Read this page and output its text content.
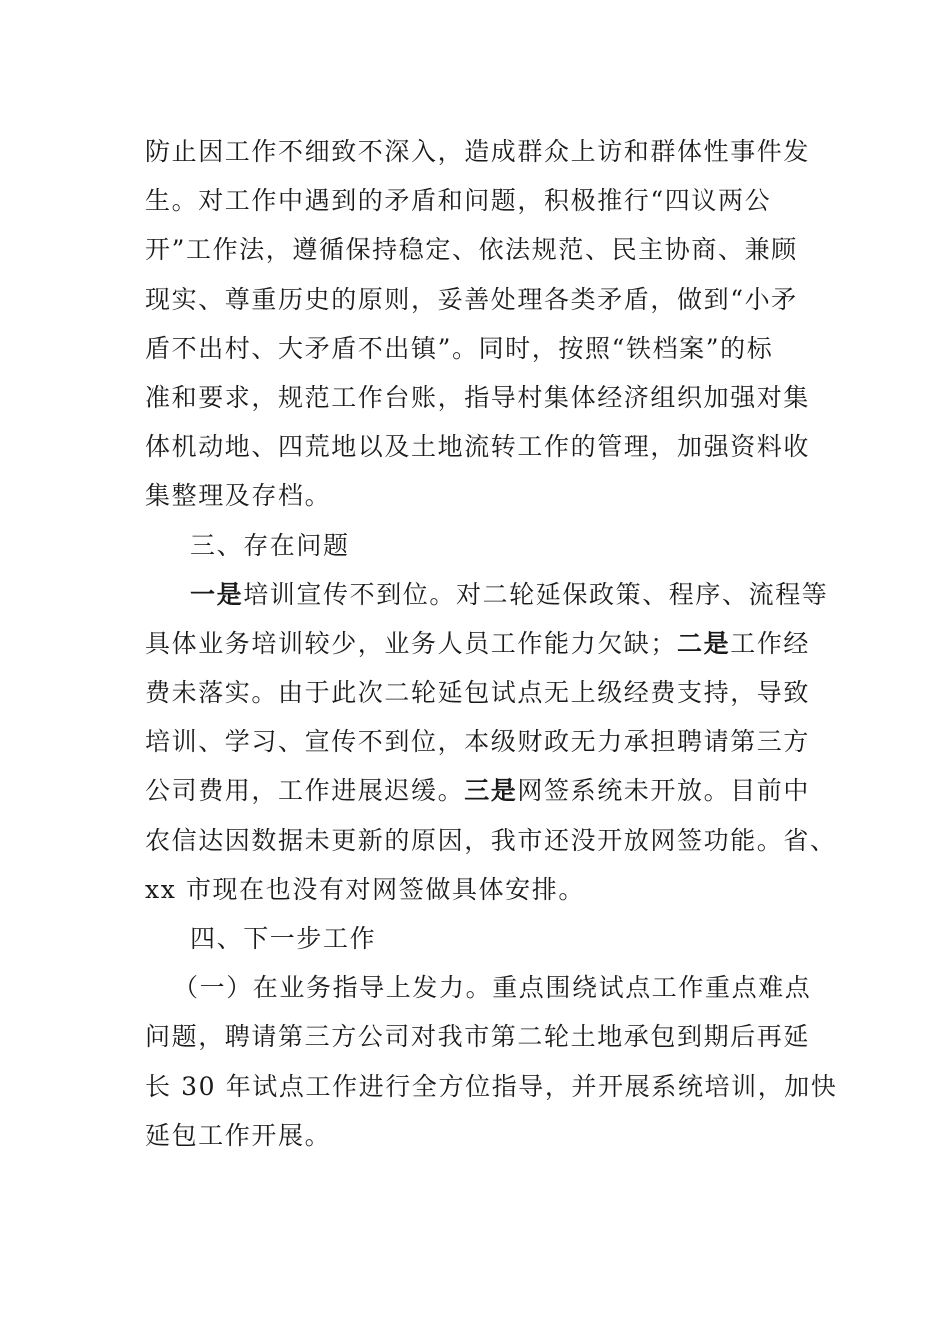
防止因工作不细致不深入，造成群众上访和群体性事件发
生。对工作中遇到的矛盾和问题，积极推行“四议两公
开”工作法，遵循保持稳定、依法规范、民主协商、兼顾
现实、尊重历史的原则，妥善处理各类矛盾，做到“小矛
盾不出村、大矛盾不出镇”。同时，按照“铁档案”的标
准和要求，规范工作台账，指导村集体经济组织加强对集
体机动地、四荒地以及土地流转工作的管理，加强资料收
集整理及存档。
三、存在问题
一是培训宣传不到位。对二轮延保政策、程序、流程等
具体业务培训较少，业务人员工作能力欠缺；二是工作经
费未落实。由于此次二轮延包试点无上级经费支持，导致
培训、学习、宣传不到位，本级财政无力承担聘请第三方
公司费用，工作进展迟缓。三是网签系统未开放。目前中
农信达因数据未更新的原因，我市还没开放网签功能。省、
xx 市现在也没有对网签做具体安排。
四、下一步工作
（一）在业务指导上发力。重点围绕试点工作重点难点
问题，聘请第三方公司对我市第二轮土地承包到期后再延
长 30 年试点工作进行全方位指导，并开展系统培训，加快
延包工作开展。
